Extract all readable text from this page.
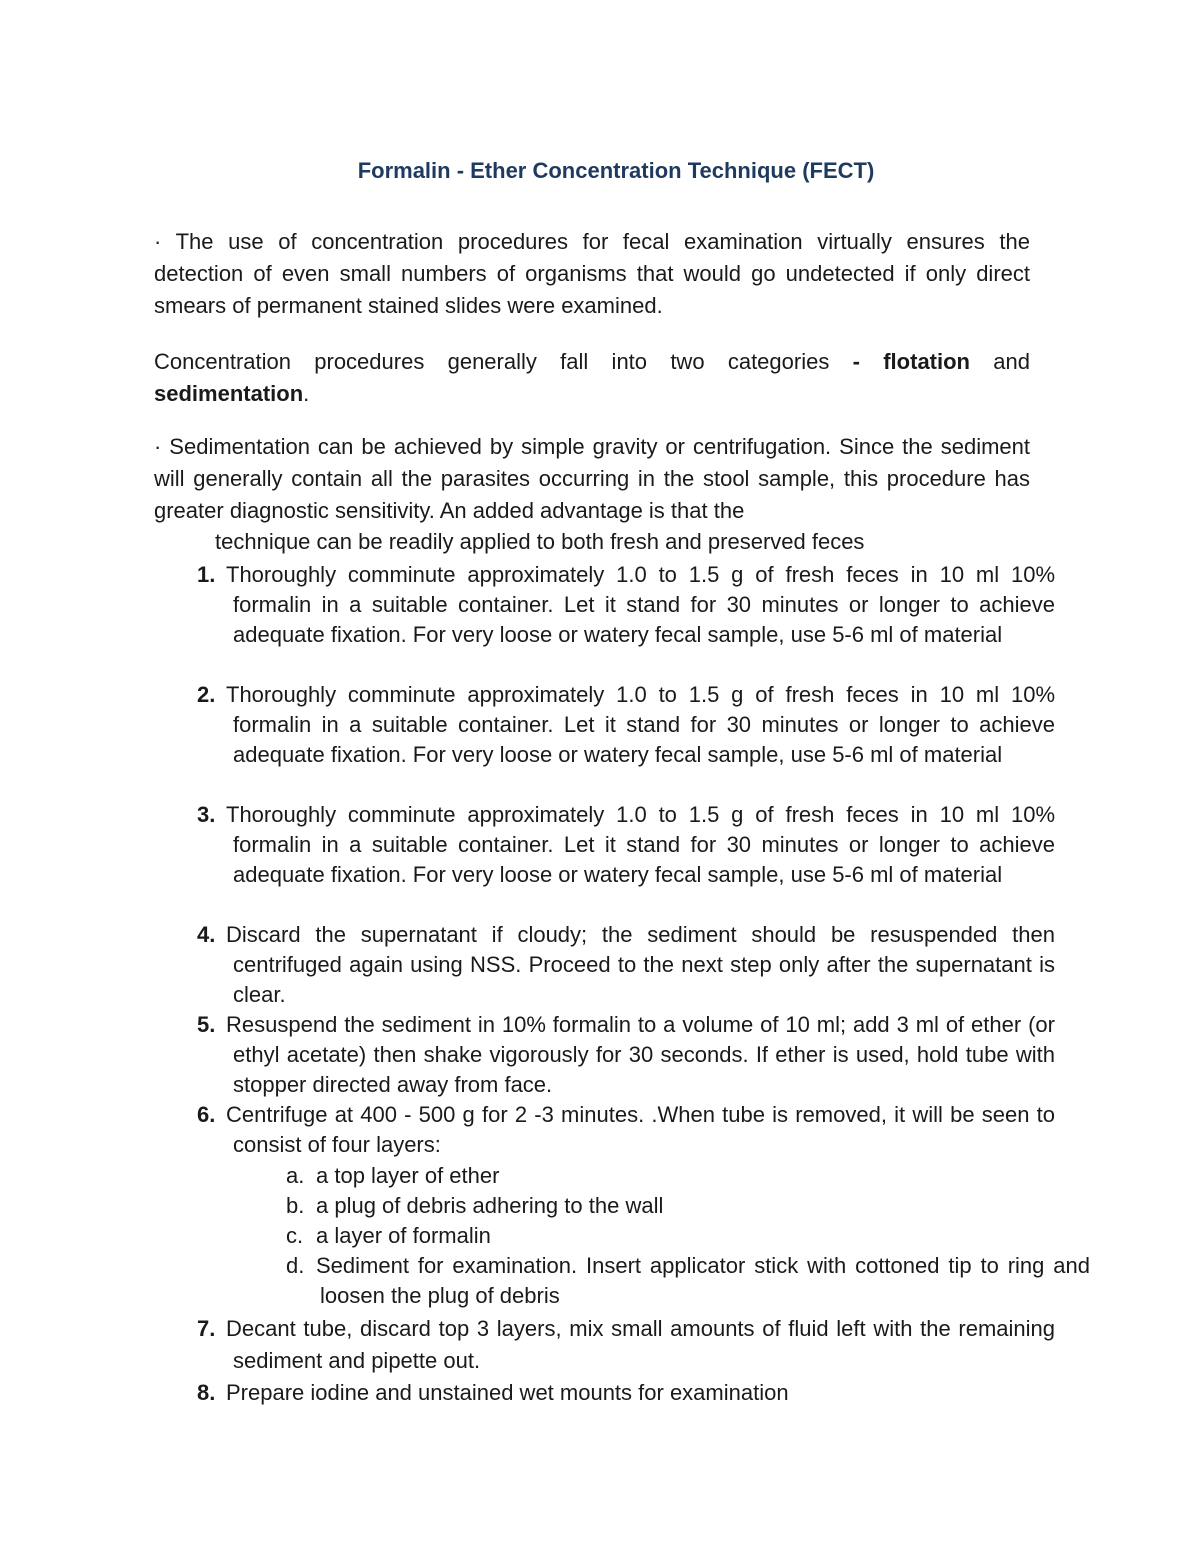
Formalin - Ether Concentration Technique (FECT)

· The use of concentration procedures for fecal examination virtually ensures the detection of even small numbers of organisms that would go undetected if only direct smears of permanent stained slides were examined.

Concentration procedures generally fall into two categories - flotation and sedimentation.

· Sedimentation can be achieved by simple gravity or centrifugation. Since the sediment will generally contain all the parasites occurring in the stool sample, this procedure has greater diagnostic sensitivity. An added advantage is that the

technique can be readily applied to both fresh and preserved feces

1. Thoroughly comminute approximately 1.0 to 1.5 g of fresh feces in 10 ml 10% formalin in a suitable container. Let it stand for 30 minutes or longer to achieve adequate fixation. For very loose or watery fecal sample, use 5-6 ml of material
2. Thoroughly comminute approximately 1.0 to 1.5 g of fresh feces in 10 ml 10% formalin in a suitable container. Let it stand for 30 minutes or longer to achieve adequate fixation. For very loose or watery fecal sample, use 5-6 ml of material
3. Thoroughly comminute approximately 1.0 to 1.5 g of fresh feces in 10 ml 10% formalin in a suitable container. Let it stand for 30 minutes or longer to achieve adequate fixation. For very loose or watery fecal sample, use 5-6 ml of material
4. Discard the supernatant if cloudy; the sediment should be resuspended then centrifuged again using NSS. Proceed to the next step only after the supernatant is clear.
5. Resuspend the sediment in 10% formalin to a volume of 10 ml; add 3 ml of ether (or ethyl acetate) then shake vigorously for 30 seconds. If ether is used, hold tube with stopper directed away from face.
6. Centrifuge at 400 - 500 g for 2 -3 minutes. .When tube is removed, it will be seen to consist of four layers:
a. a top layer of ether
b. a plug of debris adhering to the wall
c. a layer of formalin
d. Sediment for examination. Insert applicator stick with cottoned tip to ring and loosen the plug of debris
7. Decant tube, discard top 3 layers, mix small amounts of fluid left with the remaining sediment and pipette out.
8. Prepare iodine and unstained wet mounts for examination
